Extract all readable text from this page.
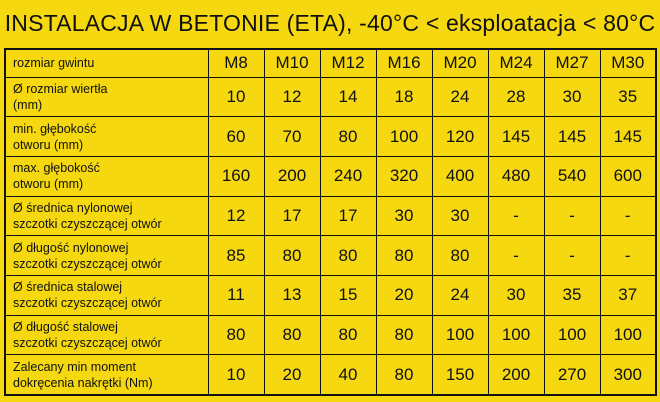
INSTALACJA W BETONIE (ETA), -40°C < eksploatacja < 80°C
rozmiar gwintu	M8	M10	M12	M16	M20	M24	M27	M30

Ø rozmiar wiertła
(mm)	10	12	14	18	24	28	30	35

min. głębokość
otworu (mm)	60	70	80	100	120	145	145	145

max. głębokość
otworu (mm)	160	200	240	320	400	480	540	600

Ø średnica nylonowej
szczotki czyszczącej otwór	12	17	17	30	30	-	-	-

Ø długość nylonowej
szczotki czyszczącej otwór	85	80	80	80	80	-	-	-

Ø średnica stalowej
szczotki czyszczącej otwór	11	13	15	20	24	30	35	37

Ø długość stalowej
szczotki czyszczącej otwór	80	80	80	80	100	100	100	100

Zalecany min moment
dokręcenia nakrętki (Nm)	10	20	40	80	150	200	270	300
